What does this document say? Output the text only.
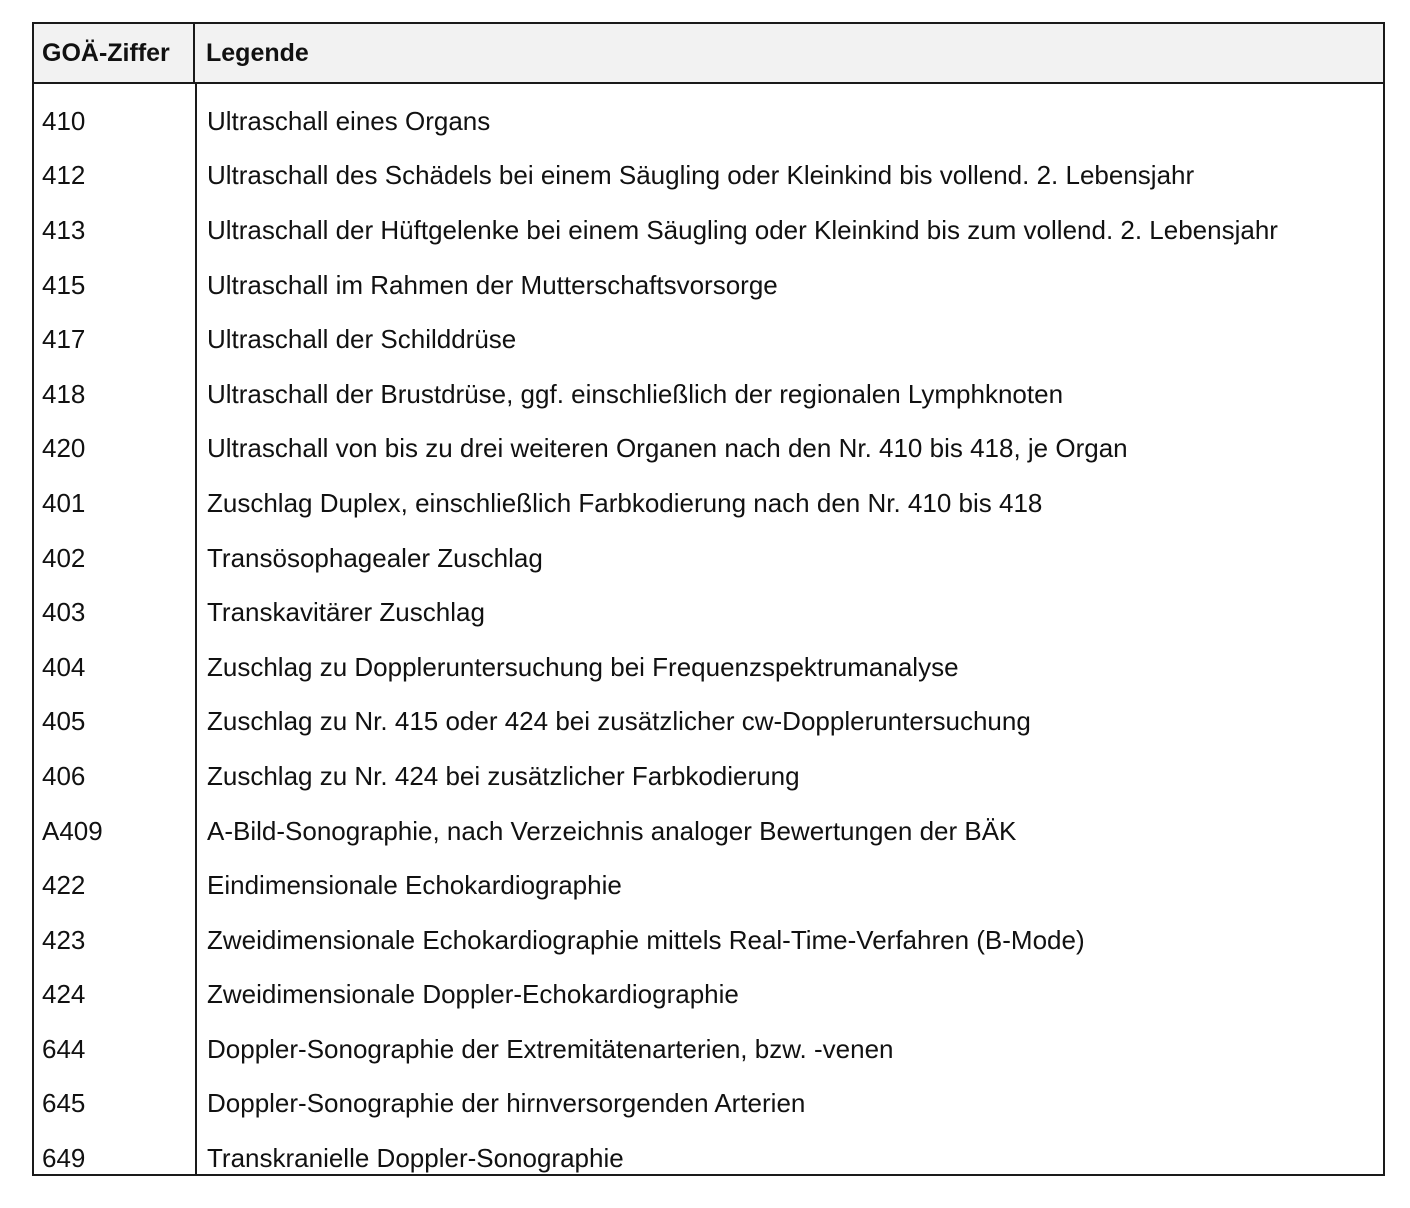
GOÄ-Ziffer	Legende
410	Ultraschall eines Organs
412	Ultraschall des Schädels bei einem Säugling oder Kleinkind bis vollend. 2. Lebensjahr
413	Ultraschall der Hüftgelenke bei einem Säugling oder Kleinkind bis zum vollend. 2. Lebensjahr
415	Ultraschall im Rahmen der Mutterschaftsvorsorge
417	Ultraschall der Schilddrüse
418	Ultraschall der Brustdrüse, ggf. einschließlich der regionalen Lymphknoten
420	Ultraschall von bis zu drei weiteren Organen nach den Nr. 410 bis 418, je Organ
401	Zuschlag Duplex, einschließlich Farbkodierung nach den Nr. 410 bis 418
402	Transösophagealer Zuschlag
403	Transkavitärer Zuschlag
404	Zuschlag zu Doppleruntersuchung bei Frequenzspektrumanalyse
405	Zuschlag zu Nr. 415 oder 424 bei zusätzlicher cw-Doppleruntersuchung
406	Zuschlag zu Nr. 424 bei zusätzlicher Farbkodierung
A409	A-Bild-Sonographie, nach Verzeichnis analoger Bewertungen der BÄK
422	Eindimensionale Echokardiographie
423	Zweidimensionale Echokardiographie mittels Real-Time-Verfahren (B-Mode)
424	Zweidimensionale Doppler-Echokardiographie
644	Doppler-Sonographie der Extremitätenarterien, bzw. -venen
645	Doppler-Sonographie der hirnversorgenden Arterien
649	Transkranielle Doppler-Sonographie
